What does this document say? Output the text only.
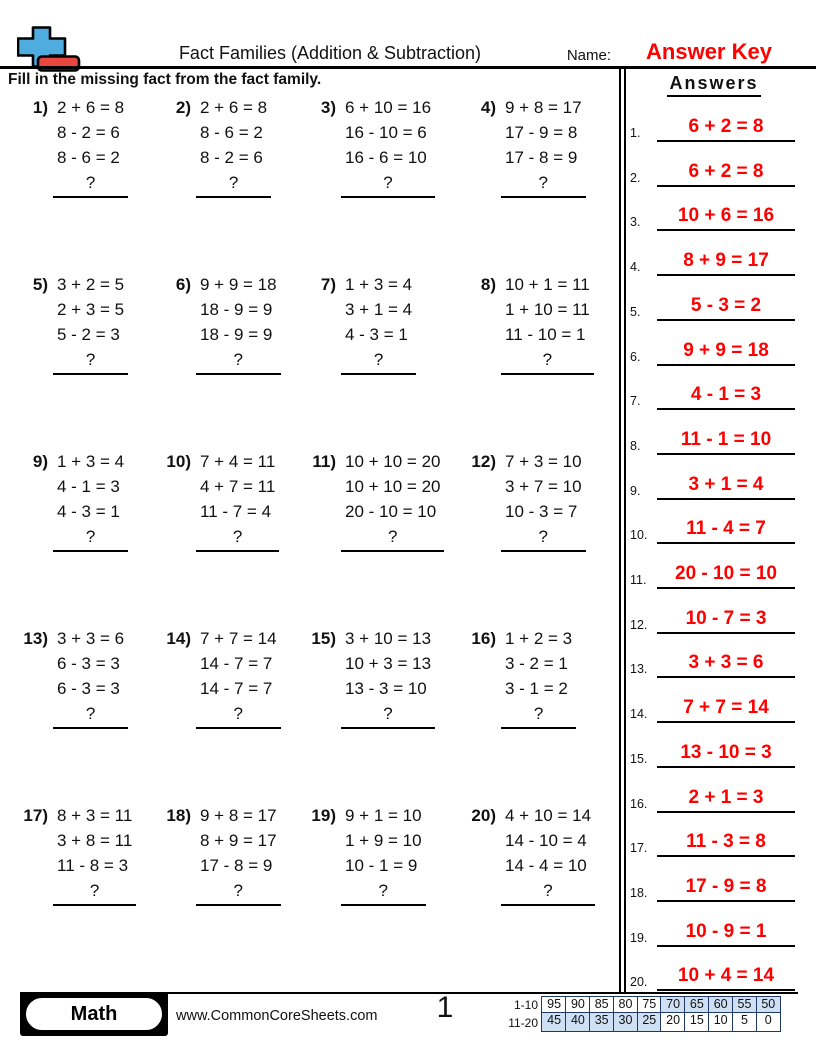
Fact Families (Addition & Subtraction)	Name:	Answer Key
Fill in the missing fact from the fact family.
1) 2 + 6 = 8
8 - 2 = 6
8 - 6 = 2
?
2) 2 + 6 = 8
8 - 6 = 2
8 - 2 = 6
?
3) 6 + 10 = 16
16 - 10 = 6
16 - 6 = 10
?
4) 9 + 8 = 17
17 - 9 = 8
17 - 8 = 9
?
5) 3 + 2 = 5
2 + 3 = 5
5 - 2 = 3
?
6) 9 + 9 = 18
18 - 9 = 9
18 - 9 = 9
?
7) 1 + 3 = 4
3 + 1 = 4
4 - 3 = 1
?
8) 10 + 1 = 11
1 + 10 = 11
11 - 10 = 1
?
9) 1 + 3 = 4
4 - 1 = 3
4 - 3 = 1
?
10) 7 + 4 = 11
4 + 7 = 11
11 - 7 = 4
?
11) 10 + 10 = 20
10 + 10 = 20
20 - 10 = 10
?
12) 7 + 3 = 10
3 + 7 = 10
10 - 3 = 7
?
13) 3 + 3 = 6
6 - 3 = 3
6 - 3 = 3
?
14) 7 + 7 = 14
14 - 7 = 7
14 - 7 = 7
?
15) 3 + 10 = 13
10 + 3 = 13
13 - 3 = 10
?
16) 1 + 2 = 3
3 - 2 = 1
3 - 1 = 2
?
17) 8 + 3 = 11
3 + 8 = 11
11 - 8 = 3
?
18) 9 + 8 = 17
8 + 9 = 17
17 - 8 = 9
?
19) 9 + 1 = 10
1 + 9 = 10
10 - 1 = 9
?
20) 4 + 10 = 14
14 - 10 = 4
14 - 4 = 10
?
Answers
1.	6 + 2 = 8
2.	6 + 2 = 8
3.	10 + 6 = 16
4.	8 + 9 = 17
5.	5 - 3 = 2
6.	9 + 9 = 18
7.	4 - 1 = 3
8.	11 - 1 = 10
9.	3 + 1 = 4
10.	11 - 4 = 7
11.	20 - 10 = 10
12.	10 - 7 = 3
13.	3 + 3 = 6
14.	7 + 7 = 14
15.	13 - 10 = 3
16.	2 + 1 = 3
17.	11 - 3 = 8
18.	17 - 9 = 8
19.	10 - 9 = 1
20.	10 + 4 = 14
Math	www.CommonCoreSheets.com	1	1-10 95 90 85 80 75 70 65 60 55 50
11-20 45 40 35 30 25 20 15 10	5	0
